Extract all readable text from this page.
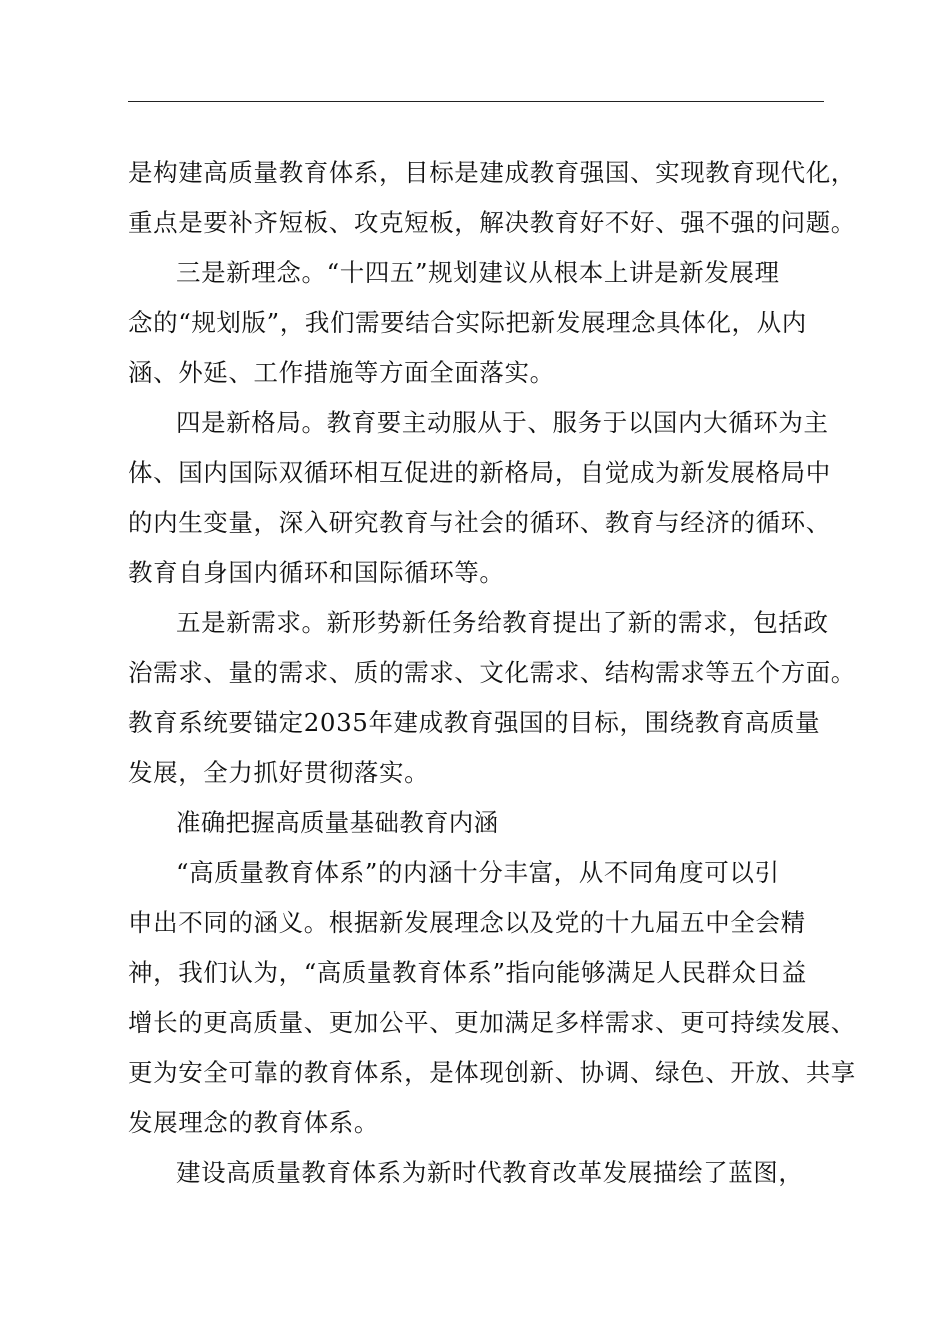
是构建高质量教育体系，目标是建成教育强国、实现教育现代化，
重点是要补齐短板、攻克短板，解决教育好不好、强不强的问题。
三是新理念。“十四五”规划建议从根本上讲是新发展理
念的“规划版”，我们需要结合实际把新发展理念具体化，从内
涵、外延、工作措施等方面全面落实。
四是新格局。教育要主动服从于、服务于以国内大循环为主
体、国内国际双循环相互促进的新格局，自觉成为新发展格局中
的内生变量，深入研究教育与社会的循环、教育与经济的循环、
教育自身国内循环和国际循环等。
五是新需求。新形势新任务给教育提出了新的需求，包括政
治需求、量的需求、质的需求、文化需求、结构需求等五个方面。
教育系统要锚定2035年建成教育强国的目标，围绕教育高质量
发展，全力抓好贯彻落实。
准确把握高质量基础教育内涵
“高质量教育体系”的内涵十分丰富，从不同角度可以引
申出不同的涵义。根据新发展理念以及党的十九届五中全会精
神，我们认为，“高质量教育体系”指向能够满足人民群众日益
增长的更高质量、更加公平、更加满足多样需求、更可持续发展、
更为安全可靠的教育体系，是体现创新、协调、绿色、开放、共享
发展理念的教育体系。
建设高质量教育体系为新时代教育改革发展描绘了蓝图，
